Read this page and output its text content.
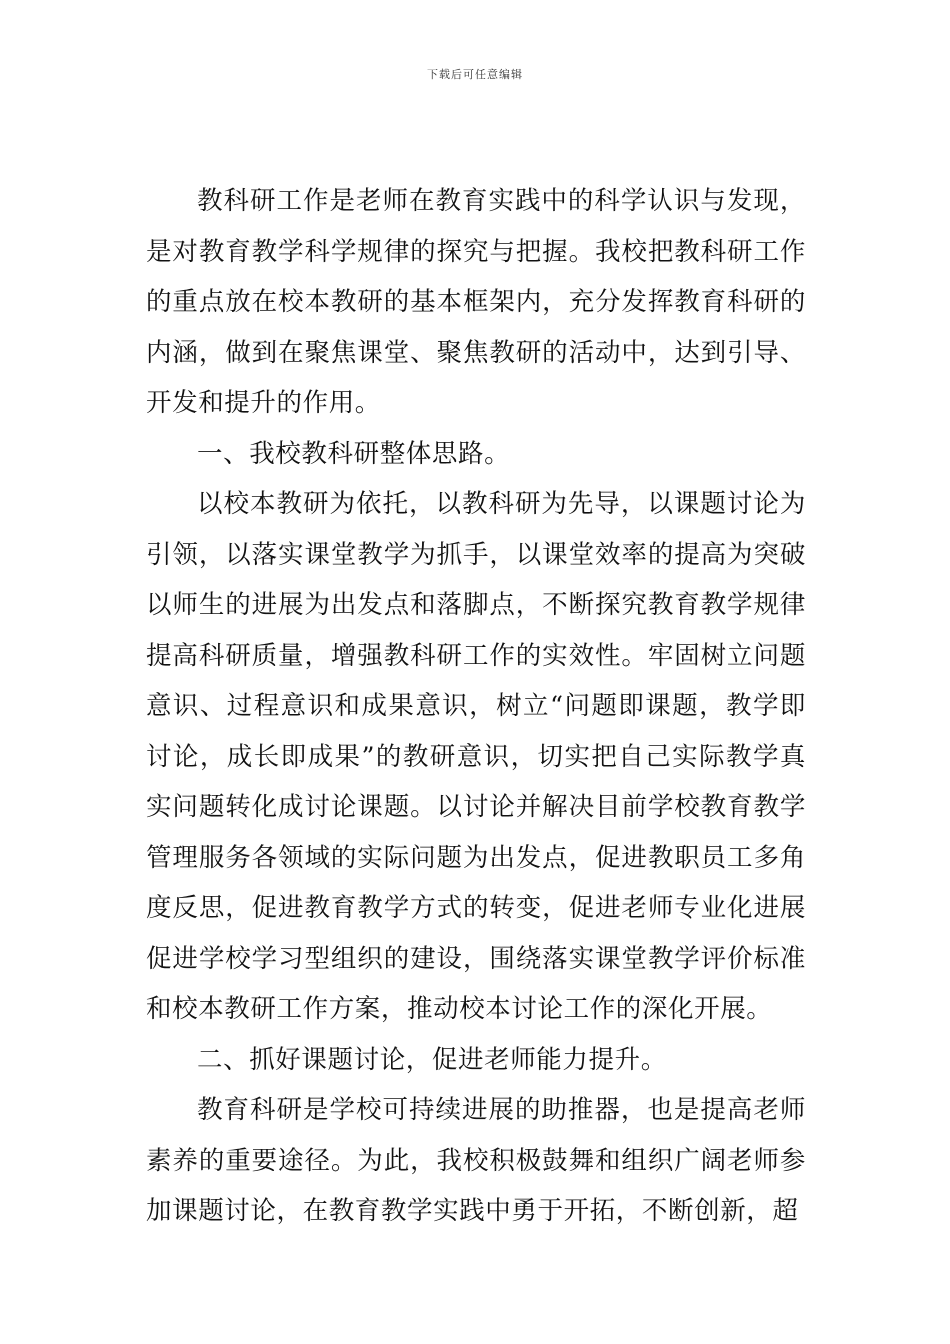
下载后可任意编辑

教科研工作是老师在教育实践中的科学认识与发现，是对教育教学科学规律的探究与把握。我校把教科研工作的重点放在校本教研的基本框架内，充分发挥教育科研的内涵，做到在聚焦课堂、聚焦教研的活动中，达到引导、开发和提升的作用。

一、我校教科研整体思路。

以校本教研为依托，以教科研为先导，以课题讨论为引领，以落实课堂教学为抓手，以课堂效率的提高为突破以师生的进展为出发点和落脚点，不断探究教育教学规律提高科研质量，增强教科研工作的实效性。牢固树立问题意识、过程意识和成果意识，树立“问题即课题，教学即讨论，成长即成果”的教研意识，切实把自己实际教学真实问题转化成讨论课题。以讨论并解决目前学校教育教学管理服务各领域的实际问题为出发点，促进教职员工多角度反思，促进教育教学方式的转变，促进老师专业化进展促进学校学习型组织的建设，围绕落实课堂教学评价标准和校本教研工作方案，推动校本讨论工作的深化开展。

二、抓好课题讨论，促进老师能力提升。

教育科研是学校可持续进展的助推器，也是提高老师素养的重要途径。为此，我校积极鼓舞和组织广阔老师参加课题讨论，在教育教学实践中勇于开拓，不断创新，超
